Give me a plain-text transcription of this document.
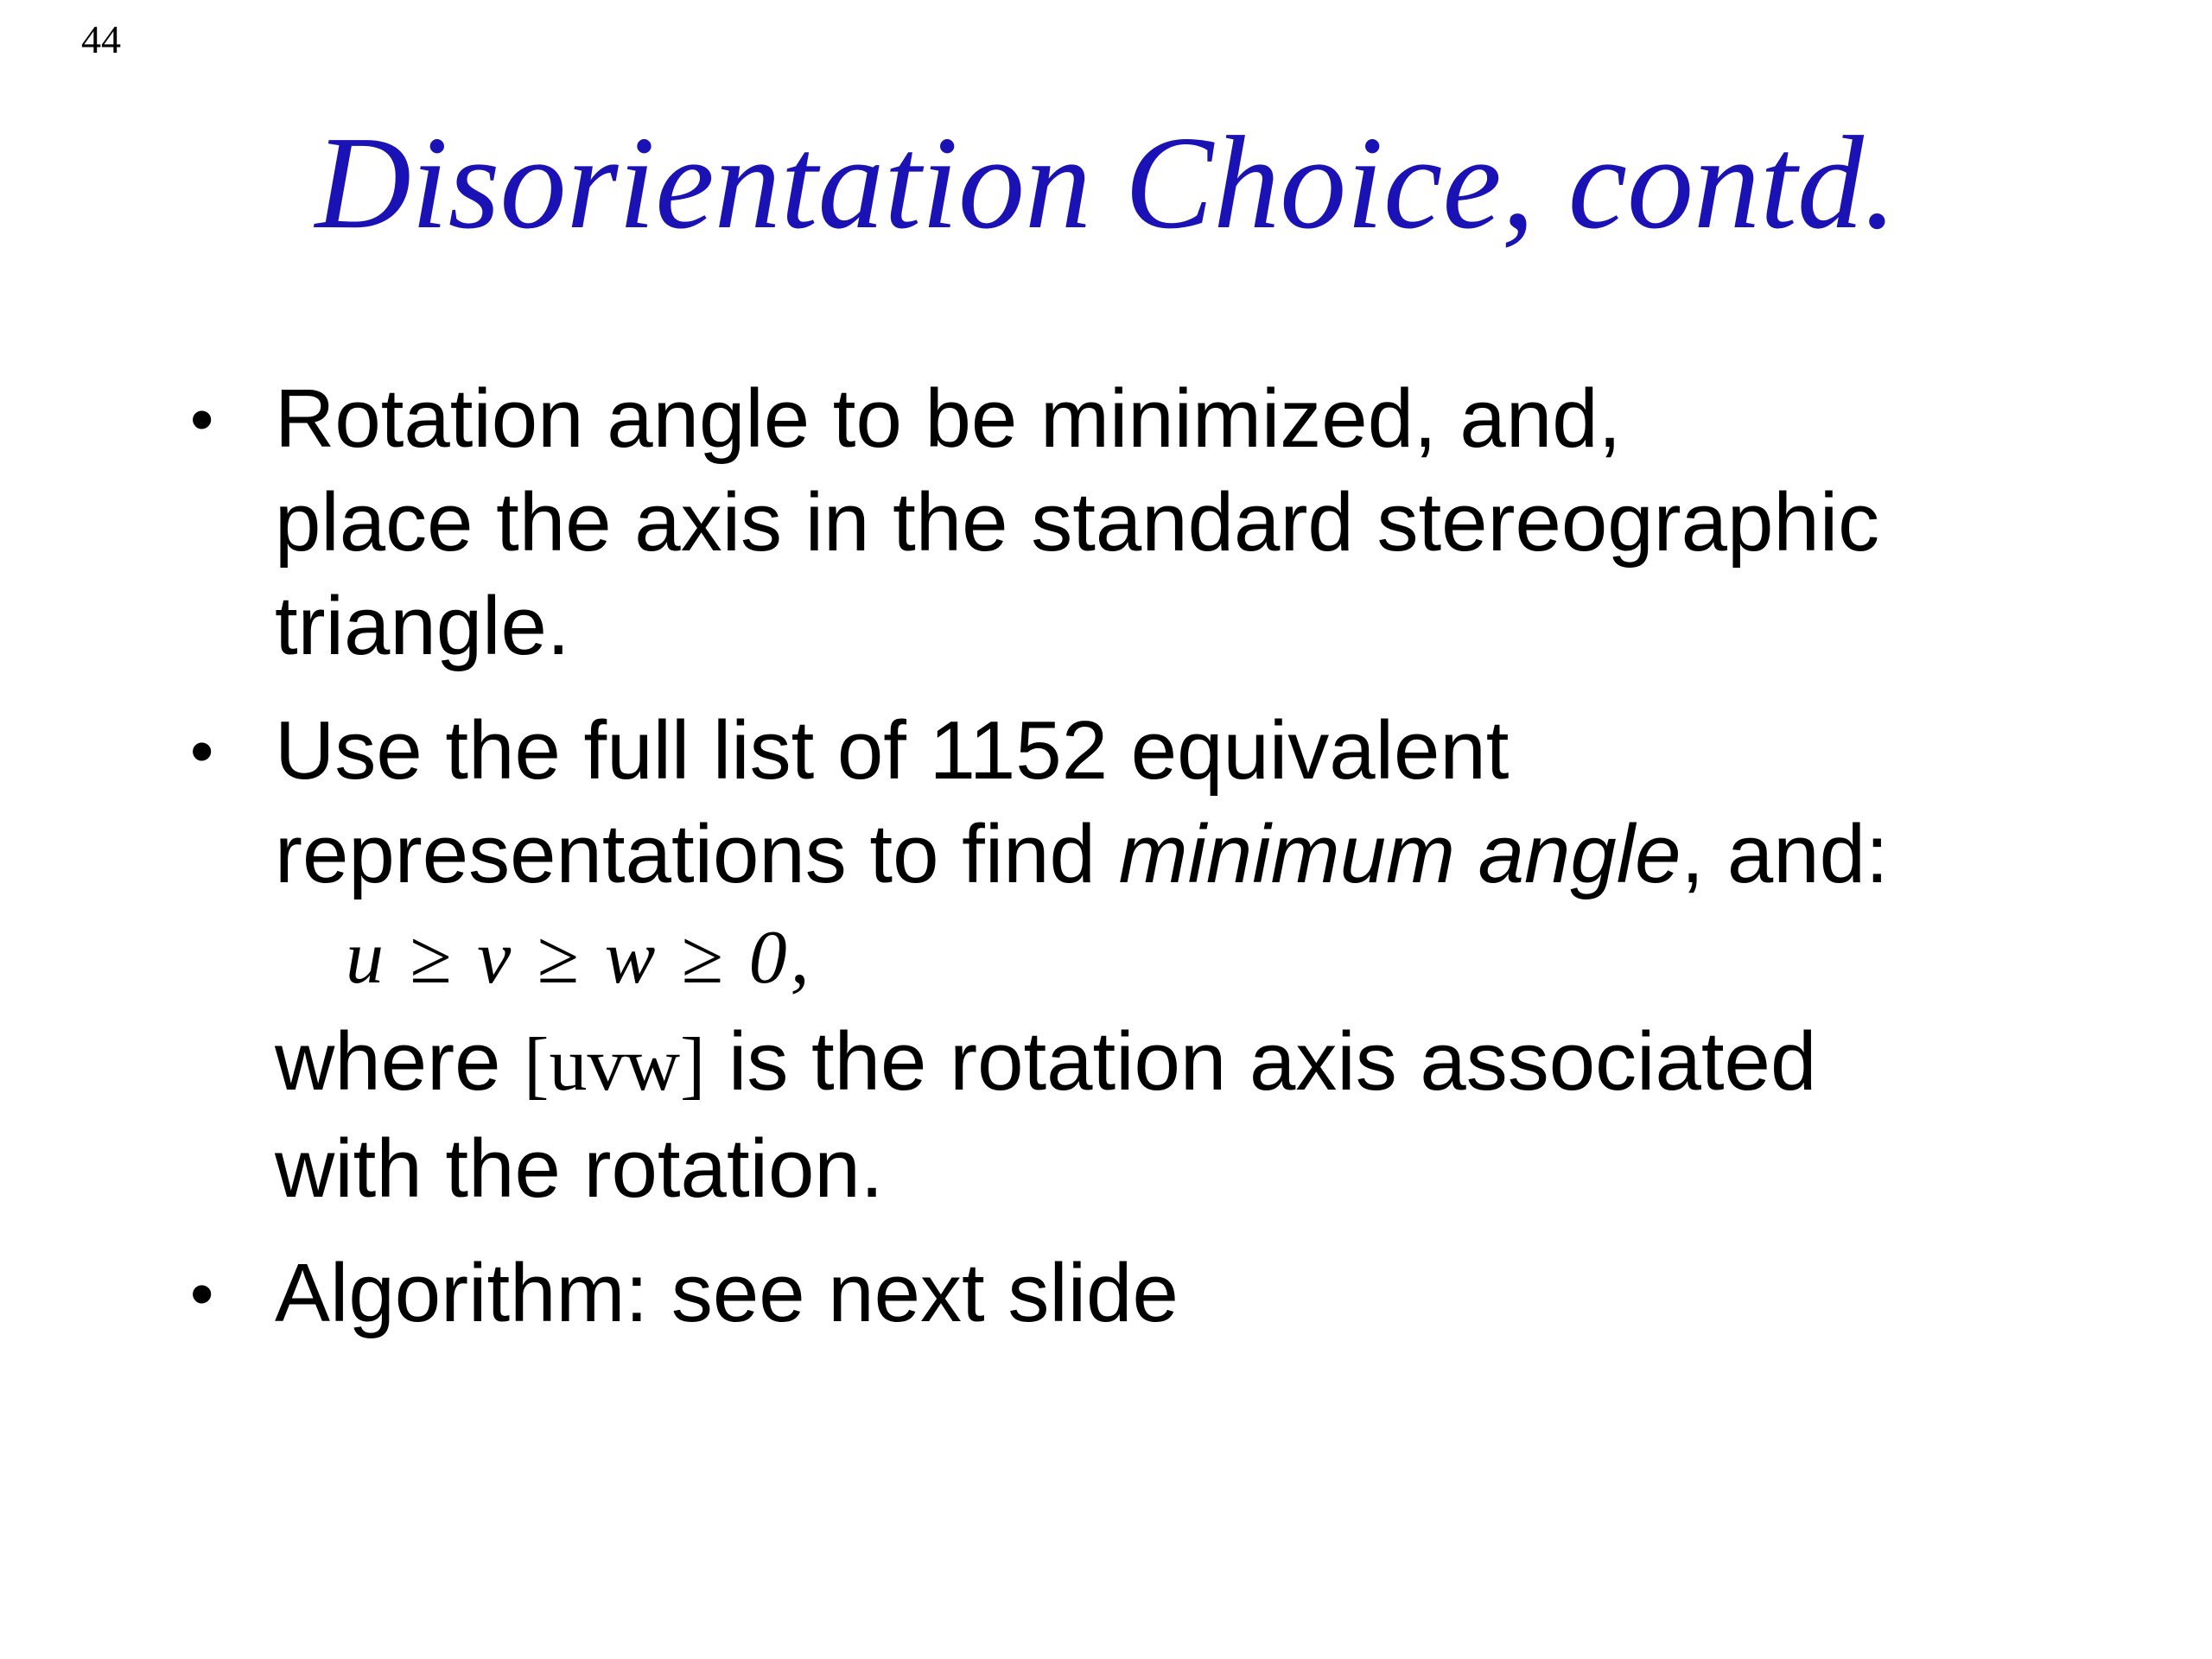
44
Disorientation Choice, contd.
• Rotation angle to be minimized, and,
place the axis in the standard stereographic
triangle.
• Use the full list of 1152 equivalent
representations to find minimum angle, and:
u ≥ v ≥ w ≥ 0,
where [uvw] is the rotation axis associated
with the rotation.
• Algorithm: see next slide
